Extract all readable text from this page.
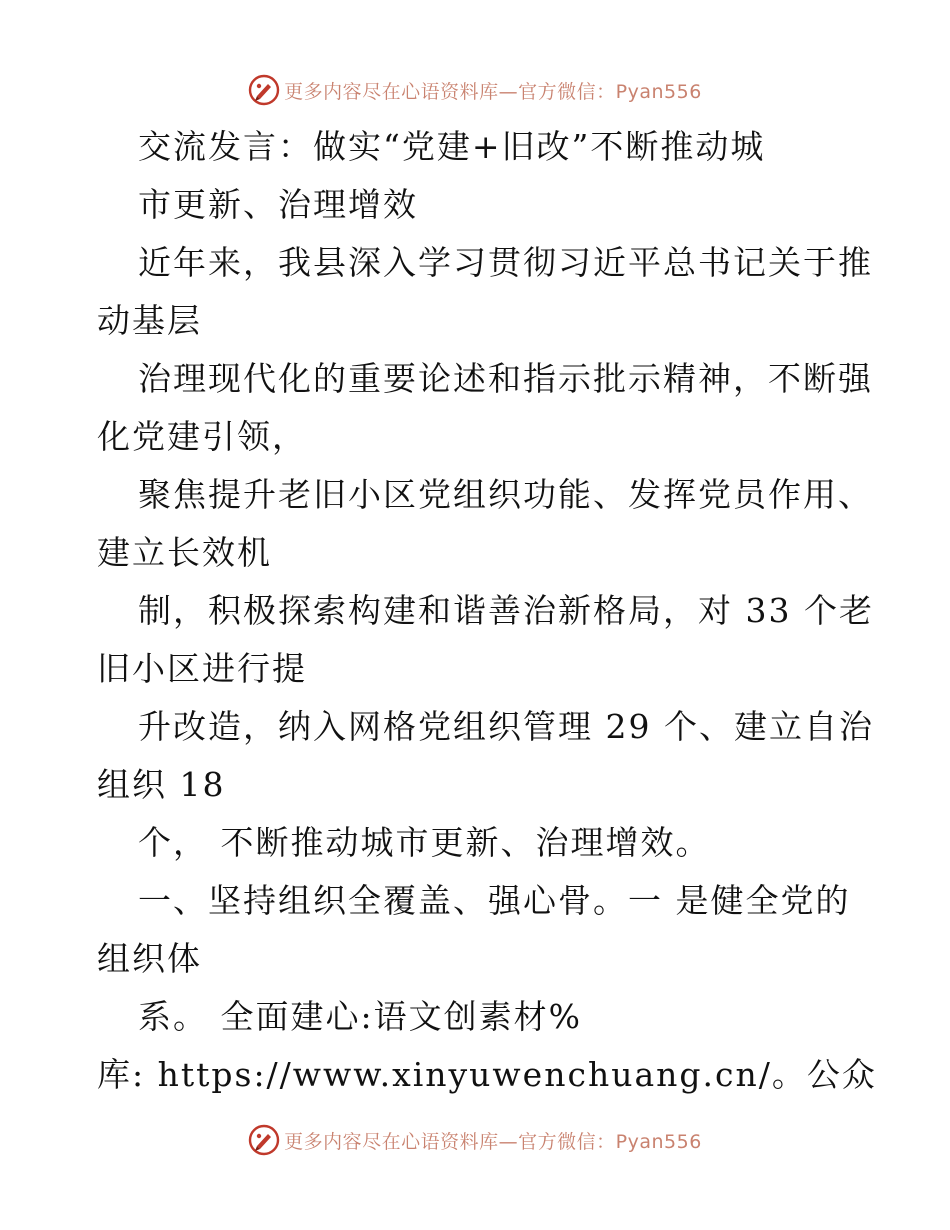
更多内容尽在心语资料库—官方微信：Pyan556
交流发言：做实“党建+旧改”不断推动城
市更新、治理增效
近年来，我县深入学习贯彻习近平总书记关于推
动基层
治理现代化的重要论述和指示批示精神，不断强
化党建引领，
聚焦提升老旧小区党组织功能、发挥党员作用、
建立长效机
制，积极探索构建和谐善治新格局，对 33 个老
旧小区进行提
升改造，纳入网格党组织管理 29 个、建立自治
组织 18
个， 不断推动城市更新、治理增效。
一、坚持组织全覆盖、强心骨。一 是健全党的
组织体
系。 全面建心:语文创素材%
库: https://www.xinyuwenchuang.cn/。公众
更多内容尽在心语资料库—官方微信：Pyan556
